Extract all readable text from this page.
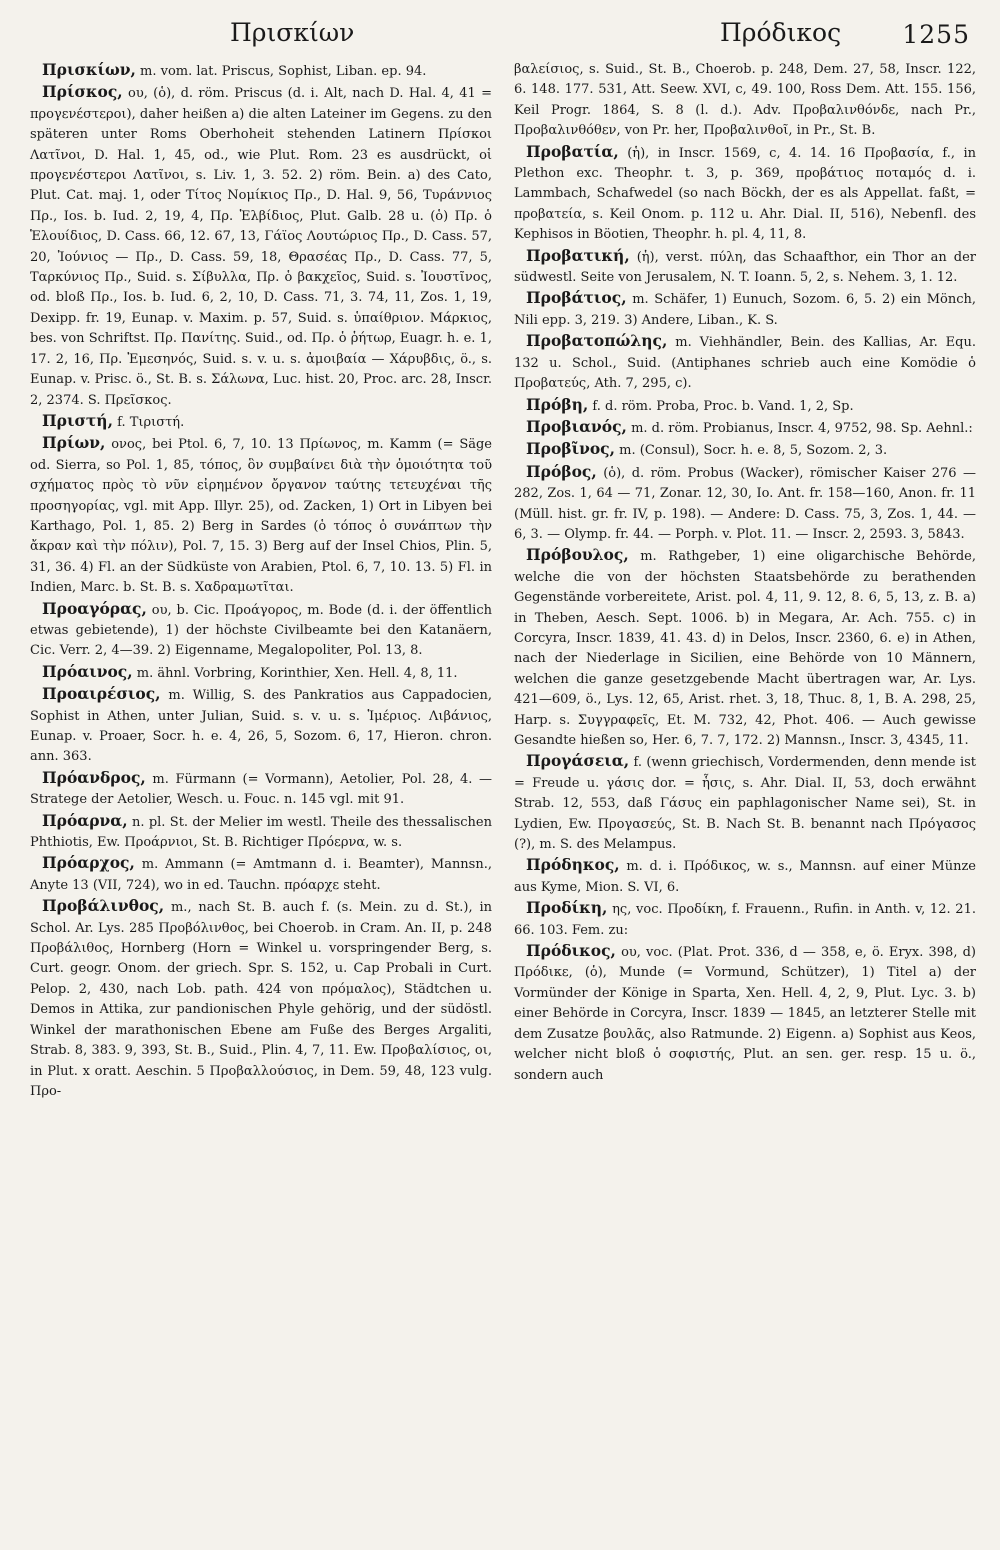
Πρισκίων	Πρόδικος 1255

Πρισκίων, m. vom. lat. Priscus, Sophist, Liban. ep. 94.

Πρίσκος, ου, (ὁ), d. röm. Priscus (d. i. Alt, nach D. Hal. 4, 41 = προγενέστεροι), daher heißen a) die alten Lateiner im Gegens. zu den späteren unter Roms Oberhoheit stehenden Latinern Πρίσκοι Λατῖνοι, D. Hal. 1, 45, od., wie Plut. Rom. 23 es ausdrückt, οἱ προγενέστεροι Λατῖνοι, s. Liv. 1, 3. 52. 2) röm. Bein. a) des Cato, Plut. Cat. maj. 1, oder Τίτος Νομίκιος Πρ., D. Hal. 9, 56, Τυράννιος Πρ., Ios. b. Iud. 2, 19, 4, Πρ. Ἑλβίδιος, Plut. Galb. 28 u. (ὁ) Πρ. ὁ Ἑλουίδιος, D. Cass. 66, 12. 67, 13, Γάϊος Λουτώριος Πρ., D. Cass. 57, 20, Ἰούνιος — Πρ., D. Cass. 59, 18, Θρασέας Πρ., D. Cass. 77, 5, Ταρκύνιος Πρ., Suid. s. Σίβυλλα, Πρ. ὁ βακχεῖος, Suid. s. Ἰουστῖνος, od. bloß Πρ., Ios. b. Iud. 6, 2, 10, D. Cass. 71, 3. 74, 11, Zos. 1, 19, Dexipp. fr. 19, Eunap. v. Maxim. p. 57, Suid. s. ὑπαίθριον. Μάρκιος, bes. von Schriftst. Πρ. Πανίτης. Suid., od. Πρ. ὁ ῥήτωρ, Euagr. h. e. 1, 17. 2, 16, Πρ. Ἐμεσηνός, Suid. s. v. u. s. ἀμοιβαία — Χάρυβδις, ö., s. Eunap. v. Prisc. ö., St. B. s. Σάλωνα, Luc. hist. 20, Proc. arc. 28, Inscr. 2, 2374. S. Πρεῖσκος.

Πριστή, f. Τιριστή.

Πρίων, ονος, bei Ptol. 6, 7, 10. 13 Πρίωνος, m. Kamm (= Säge od. Sierra, so Pol. 1, 85, τόπος, ὃν συμβαίνει διὰ τὴν ὁμοιότητα τοῦ σχήματος πρὸς τὸ νῦν εἰρημένον ὄργανον ταύτης τετευχέναι τῆς προσηγορίας, vgl. mit App. Illyr. 25), od. Zacken, 1) Ort in Libyen bei Karthago, Pol. 1, 85. 2) Berg in Sardes (ὁ τόπος ὁ συνάπτων τὴν ἄκραν καὶ τὴν πόλιν), Pol. 7, 15. 3) Berg auf der Insel Chios, Plin. 5, 31, 36. 4) Fl. an der Südküste von Arabien, Ptol. 6, 7, 10. 13. 5) Fl. in Indien, Marc. b. St. B. s. Χαδραμωτῖται.

Προαγόρας, ου, b. Cic. Προάγορος, m. Bode (d. i. der öffentlich etwas gebietende), 1) der höchste Civilbeamte bei den Katanäern, Cic. Verr. 2, 4—39. 2) Eigenname, Megalopoliter, Pol. 13, 8.

Πρόαινος, m. ähnl. Vorbring, Korinthier, Xen. Hell. 4, 8, 11.

Προαιρέσιος, m. Willig, S. des Pankratios aus Cappadocien, Sophist in Athen, unter Julian, Suid. s. v. u. s. Ἱμέριος. Λιβάνιος, Eunap. v. Proaer, Socr. h. e. 4, 26, 5, Sozom. 6, 17, Hieron. chron. ann. 363.

Πρόανδρος, m. Fürmann (= Vormann), Aetolier, Pol. 28, 4. — Stratege der Aetolier, Wesch. u. Fouc. n. 145 vgl. mit 91.

Πρόαρνα, n. pl. St. der Melier im westl. Theile des thessalischen Phthiotis, Ew. Προάρνιοι, St. B. Richtiger Πρόερνα, w. s.

Πρόαρχος, m. Ammann (= Amtmann d. i. Beamter), Mannsn., Anyte 13 (VII, 724), wo in ed. Tauchn. πρόαρχε steht.

Προβάλινθος, m., nach St. B. auch f. (s. Mein. zu d. St.), in Schol. Ar. Lys. 285 Προβόλινθος, bei Choerob. in Cram. An. II, p. 248 Προβάλιθος, Hornberg (Horn = Winkel u. vorspringender Berg, s. Curt. geogr. Onom. der griech. Spr. S. 152, u. Cap Probali in Curt. Pelop. 2, 430, nach Lob. path. 424 von πρόμαλος), Städtchen u. Demos in Attika, zur pandionischen Phyle gehörig, und der südöstl. Winkel der marathonischen Ebene am Fuße des Berges Argaliti, Strab. 8, 383. 9, 393, St. B., Suid., Plin. 4, 7, 11. Ew. Προβαλίσιος, οι, in Plut. x oratt. Aeschin. 5 Προβαλλούσιος, in Dem. 59, 48, 123 vulg. Προ-

βαλείσιος, s. Suid., St. B., Choerob. p. 248, Dem. 27, 58, Inscr. 122, 6. 148. 177. 531, Att. Seew. XVI, c, 49. 100, Ross Dem. Att. 155. 156, Keil Progr. 1864, S. 8 (l. d.). Adv. Προβαλινθόνδε, nach Pr., Προβαλινθόθεν, von Pr. her, Προβαλινθοῖ, in Pr., St. B.

Προβατία, (ἡ), in Inscr. 1569, c, 4. 14. 16 Προβασία, f., in Plethon exc. Theophr. t. 3, p. 369, προβάτιος ποταμός d. i. Lammbach, Schafwedel (so nach Böckh, der es als Appellat. faßt, = προβατεία, s. Keil Onom. p. 112 u. Ahr. Dial. II, 516), Nebenfl. des Kephisos in Böotien, Theophr. h. pl. 4, 11, 8.

Προβατική, (ἡ), verst. πύλη, das Schaafthor, ein Thor an der südwestl. Seite von Jerusalem, N. T. Ioann. 5, 2, s. Nehem. 3, 1. 12.

Προβάτιος, m. Schäfer, 1) Eunuch, Sozom. 6, 5. 2) ein Mönch, Nili epp. 3, 219. 3) Andere, Liban., K. S.

Προβατοπώλης, m. Viehhändler, Bein. des Kallias, Ar. Equ. 132 u. Schol., Suid. (Antiphanes schrieb auch eine Komödie ὁ Προβατεύς, Ath. 7, 295, c).

Πρόβη, f. d. röm. Proba, Proc. b. Vand. 1, 2, Sp.

Προβιανός, m. d. röm. Probianus, Inscr. 4, 9752, 98. Sp. Aehnl.:

Προβῖνος, m. (Consul), Socr. h. e. 8, 5, Sozom. 2, 3.

Πρόβος, (ὁ), d. röm. Probus (Wacker), römischer Kaiser 276 — 282, Zos. 1, 64 — 71, Zonar. 12, 30, Io. Ant. fr. 158—160, Anon. fr. 11 (Müll. hist. gr. fr. IV, p. 198). — Andere: D. Cass. 75, 3, Zos. 1, 44. — 6, 3. — Olymp. fr. 44. — Porph. v. Plot. 11. — Inscr. 2, 2593. 3, 5843.

Πρόβουλος, m. Rathgeber, 1) eine oligarchische Behörde, welche die von der höchsten Staatsbehörde zu berathenden Gegenstände vorbereitete, Arist. pol. 4, 11, 9. 12, 8. 6, 5, 13, z. B. a) in Theben, Aesch. Sept. 1006. b) in Megara, Ar. Ach. 755. c) in Corcyra, Inscr. 1839, 41. 43. d) in Delos, Inscr. 2360, 6. e) in Athen, nach der Niederlage in Sicilien, eine Behörde von 10 Männern, welchen die ganze gesetzgebende Macht übertragen war, Ar. Lys. 421—609, ö., Lys. 12, 65, Arist. rhet. 3, 18, Thuc. 8, 1, B. A. 298, 25, Harp. s. Συγγραφεῖς, Et. M. 732, 42, Phot. 406. — Auch gewisse Gesandte hießen so, Her. 6, 7. 7, 172. 2) Mannsn., Inscr. 3, 4345, 11.

Προγάσεια, f. (wenn griechisch, Vordermenden, denn mende ist = Freude u. γάσις dor. = ἧσις, s. Ahr. Dial. II, 53, doch erwähnt Strab. 12, 553, daß Γάσυς ein paphlagonischer Name sei), St. in Lydien, Ew. Προγασεύς, St. B. Nach St. B. benannt nach Πρόγασος (?), m. S. des Melampus.

Πρόδηκος, m. d. i. Πρόδικος, w. s., Mannsn. auf einer Münze aus Kyme, Mion. S. VI, 6.

Προδίκη, ης, voc. Προδίκη, f. Frauenn., Rufin. in Anth. v, 12. 21. 66. 103. Fem. zu:

Πρόδικος, ου, voc. (Plat. Prot. 336, d — 358, e, ö. Eryx. 398, d) Πρόδικε, (ὁ), Munde (= Vormund, Schützer), 1) Titel a) der Vormünder der Könige in Sparta, Xen. Hell. 4, 2, 9, Plut. Lyc. 3. b) einer Behörde in Corcyra, Inscr. 1839 — 1845, an letzterer Stelle mit dem Zusatze βουλᾶς, also Ratmunde. 2) Eigenn. a) Sophist aus Keos, welcher nicht bloß ὁ σοφιστής, Plut. an sen. ger. resp. 15 u. ö., sondern auch
